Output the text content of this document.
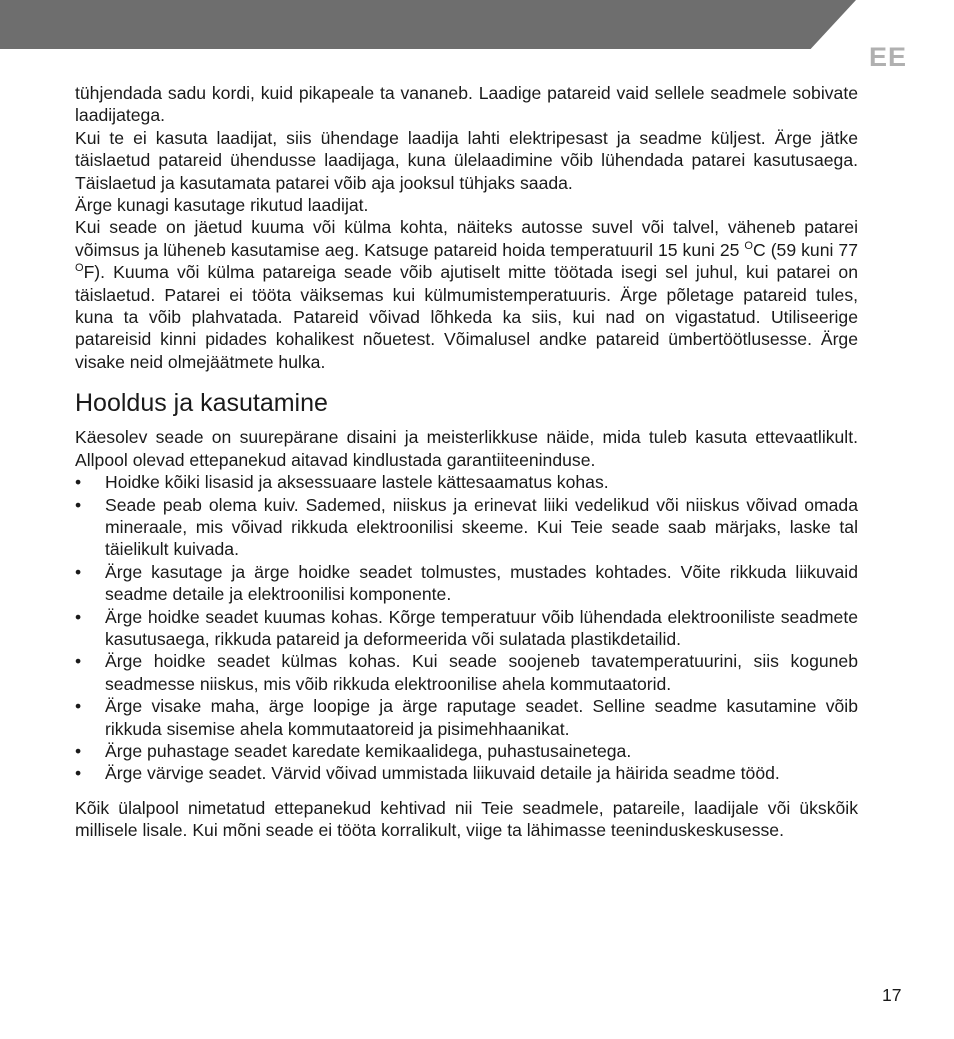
EE

tühjendada sadu kordi, kuid pikapeale ta vananeb. Laadige patareid vaid sellele seadmele sobivate laadijatega.

Kui te ei kasuta laadijat, siis ühendage laadija lahti elektripesast ja seadme küljest. Ärge jätke täislaetud patareid ühendusse laadijaga, kuna ülelaadimine võib lühendada patarei kasutusaega. Täislaetud ja kasutamata patarei võib aja jooksul tühjaks saada.

Ärge kunagi kasutage rikutud laadijat.

Kui seade on jäetud kuuma või külma kohta, näiteks autosse suvel või talvel, väheneb patarei võimsus ja lüheneb kasutamise aeg. Katsuge patareid hoida temperatuuril 15 kuni 25 $^O$C (59 kuni 77 $^O$F). Kuuma või külma patareiga seade võib ajutiselt mitte töötada isegi sel juhul, kui patarei on täislaetud. Patarei ei tööta väiksemas kui külmumistemperatuuris. Ärge põletage patareid tules, kuna ta võib plahvatada. Patareid võivad lõhkeda ka siis, kui nad on vigastatud. Utiliseerige patareisid kinni pidades kohalikest nõuetest. Võimalusel andke patareid ümbertöötlusesse. Ärge visake neid olmejäätmete hulka.

Hooldus ja kasutamine

Käesolev seade on suurepärane disaini ja meisterlikkuse näide, mida tuleb kasuta ettevaatlikult. Allpool olevad ettepanekud aitavad kindlustada garantiiteeninduse.

• Hoidke kõiki lisasid ja aksessuaare lastele kättesaamatus kohas.
• Seade peab olema kuiv. Sademed, niiskus ja erinevat liiki vedelikud või niiskus võivad omada mineraale, mis võivad rikkuda elektroonilisi skeeme. Kui Teie seade saab märjaks, laske tal täielikult kuivada.
• Ärge kasutage ja ärge hoidke seadet tolmustes, mustades kohtades. Võite rikkuda liikuvaid seadme detaile ja elektroonilisi komponente.
• Ärge hoidke seadet kuumas kohas. Kõrge temperatuur võib lühendada elektrooniliste seadmete kasutusaega, rikkuda patareid ja deformeerida või sulatada plastikdetailid.
• Ärge hoidke seadet külmas kohas. Kui seade soojeneb tavatemperatuurini, siis koguneb seadmesse niiskus, mis võib rikkuda elektroonilise ahela kommutaatorid.
• Ärge visake maha, ärge loopige ja ärge raputage seadet. Selline seadme kasutamine võib rikkuda sisemise ahela kommutaatoreid ja pisimehhaanikat.
• Ärge puhastage seadet karedate kemikaalidega, puhastusainetega.
• Ärge värvige seadet. Värvid võivad ummistada liikuvaid detaile ja häirida seadme tööd.

Kõik ülalpool nimetatud ettepanekud kehtivad nii Teie seadmele, patareile, laadijale või ükskõik millisele lisale. Kui mõni seade ei tööta korralikult, viige ta lähimasse teeninduskeskusesse.

17
